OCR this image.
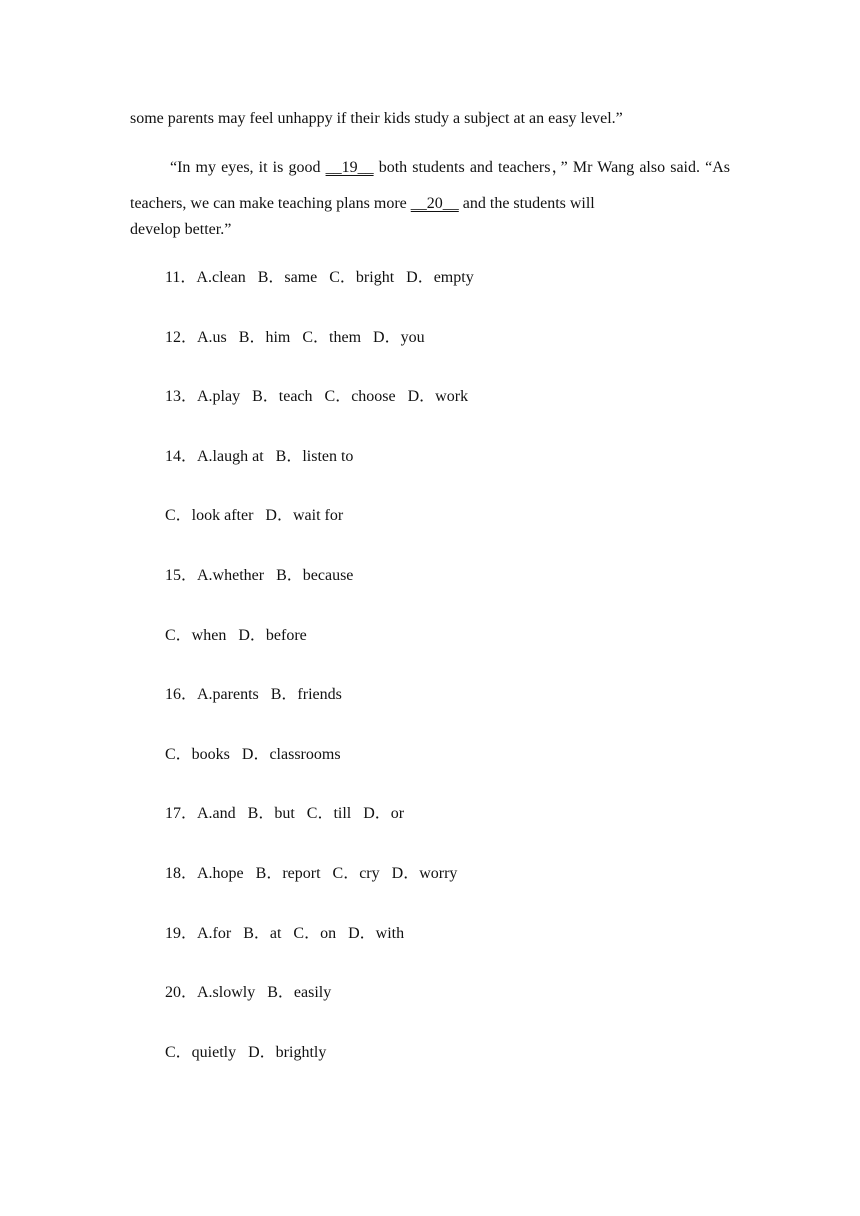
some parents may feel unhappy if their kids study a subject at an easy level.”
“In my eyes, it is good __19__ both students and teachers，” Mr Wang also said. “As teachers, we can make teaching plans more __20__ and the students will
develop better.”
11．A.clean   B．same   C．bright   D．empty
12．A.us   B．him   C．them   D．you
13．A.play   B．teach   C．choose   D．work
14．A.laugh at   B．listen to
C．look after   D．wait for
15．A.whether   B．because
C．when   D．before
16．A.parents   B．friends
C．books   D．classrooms
17．A.and   B．but   C．till   D．or
18．A.hope   B．report   C．cry   D．worry
19．A.for   B．at   C．on   D．with
20．A.slowly   B．easily
C．quietly   D．brightly
